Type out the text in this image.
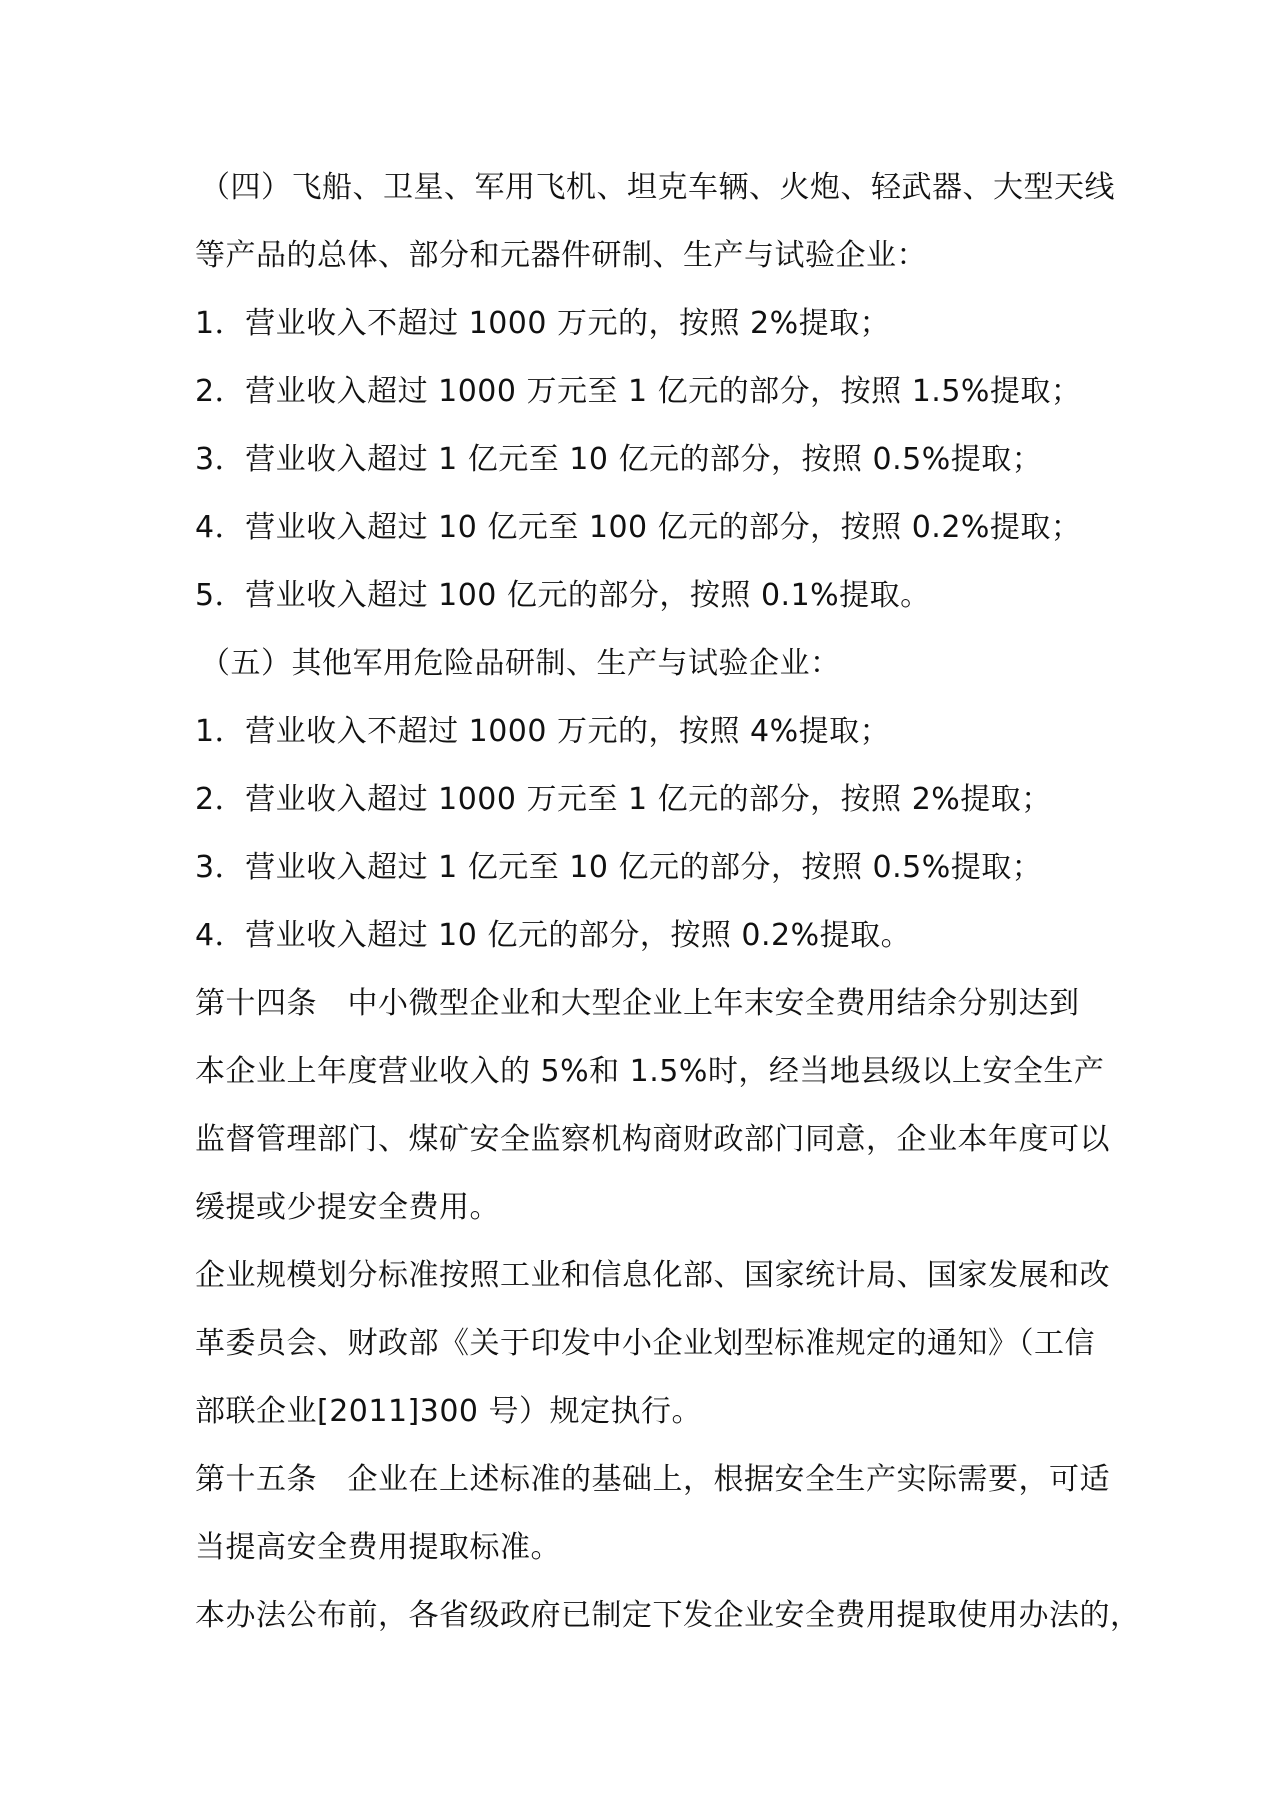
（四）飞船、卫星、军用飞机、坦克车辆、火炮、轻武器、大型天线

等产品的总体、部分和元器件研制、生产与试验企业：

1．营业收入不超过 1000 万元的，按照 2%提取；

2．营业收入超过 1000 万元至 1 亿元的部分，按照 1.5%提取；

3．营业收入超过 1 亿元至 10 亿元的部分，按照 0.5%提取；

4．营业收入超过 10 亿元至 100 亿元的部分，按照 0.2%提取；

5．营业收入超过 100 亿元的部分，按照 0.1%提取。

（五）其他军用危险品研制、生产与试验企业：

1．营业收入不超过 1000 万元的，按照 4%提取；

2．营业收入超过 1000 万元至 1 亿元的部分，按照 2%提取；

3．营业收入超过 1 亿元至 10 亿元的部分，按照 0.5%提取；

4．营业收入超过 10 亿元的部分，按照 0.2%提取。

第十四条　中小微型企业和大型企业上年末安全费用结余分别达到

本企业上年度营业收入的 5%和 1.5%时，经当地县级以上安全生产

监督管理部门、煤矿安全监察机构商财政部门同意，企业本年度可以

缓提或少提安全费用。

企业规模划分标准按照工业和信息化部、国家统计局、国家发展和改

革委员会、财政部《关于印发中小企业划型标准规定的通知》（工信

部联企业[2011]300 号）规定执行。

第十五条　企业在上述标准的基础上，根据安全生产实际需要，可适

当提高安全费用提取标准。

本办法公布前，各省级政府已制定下发企业安全费用提取使用办法的，
